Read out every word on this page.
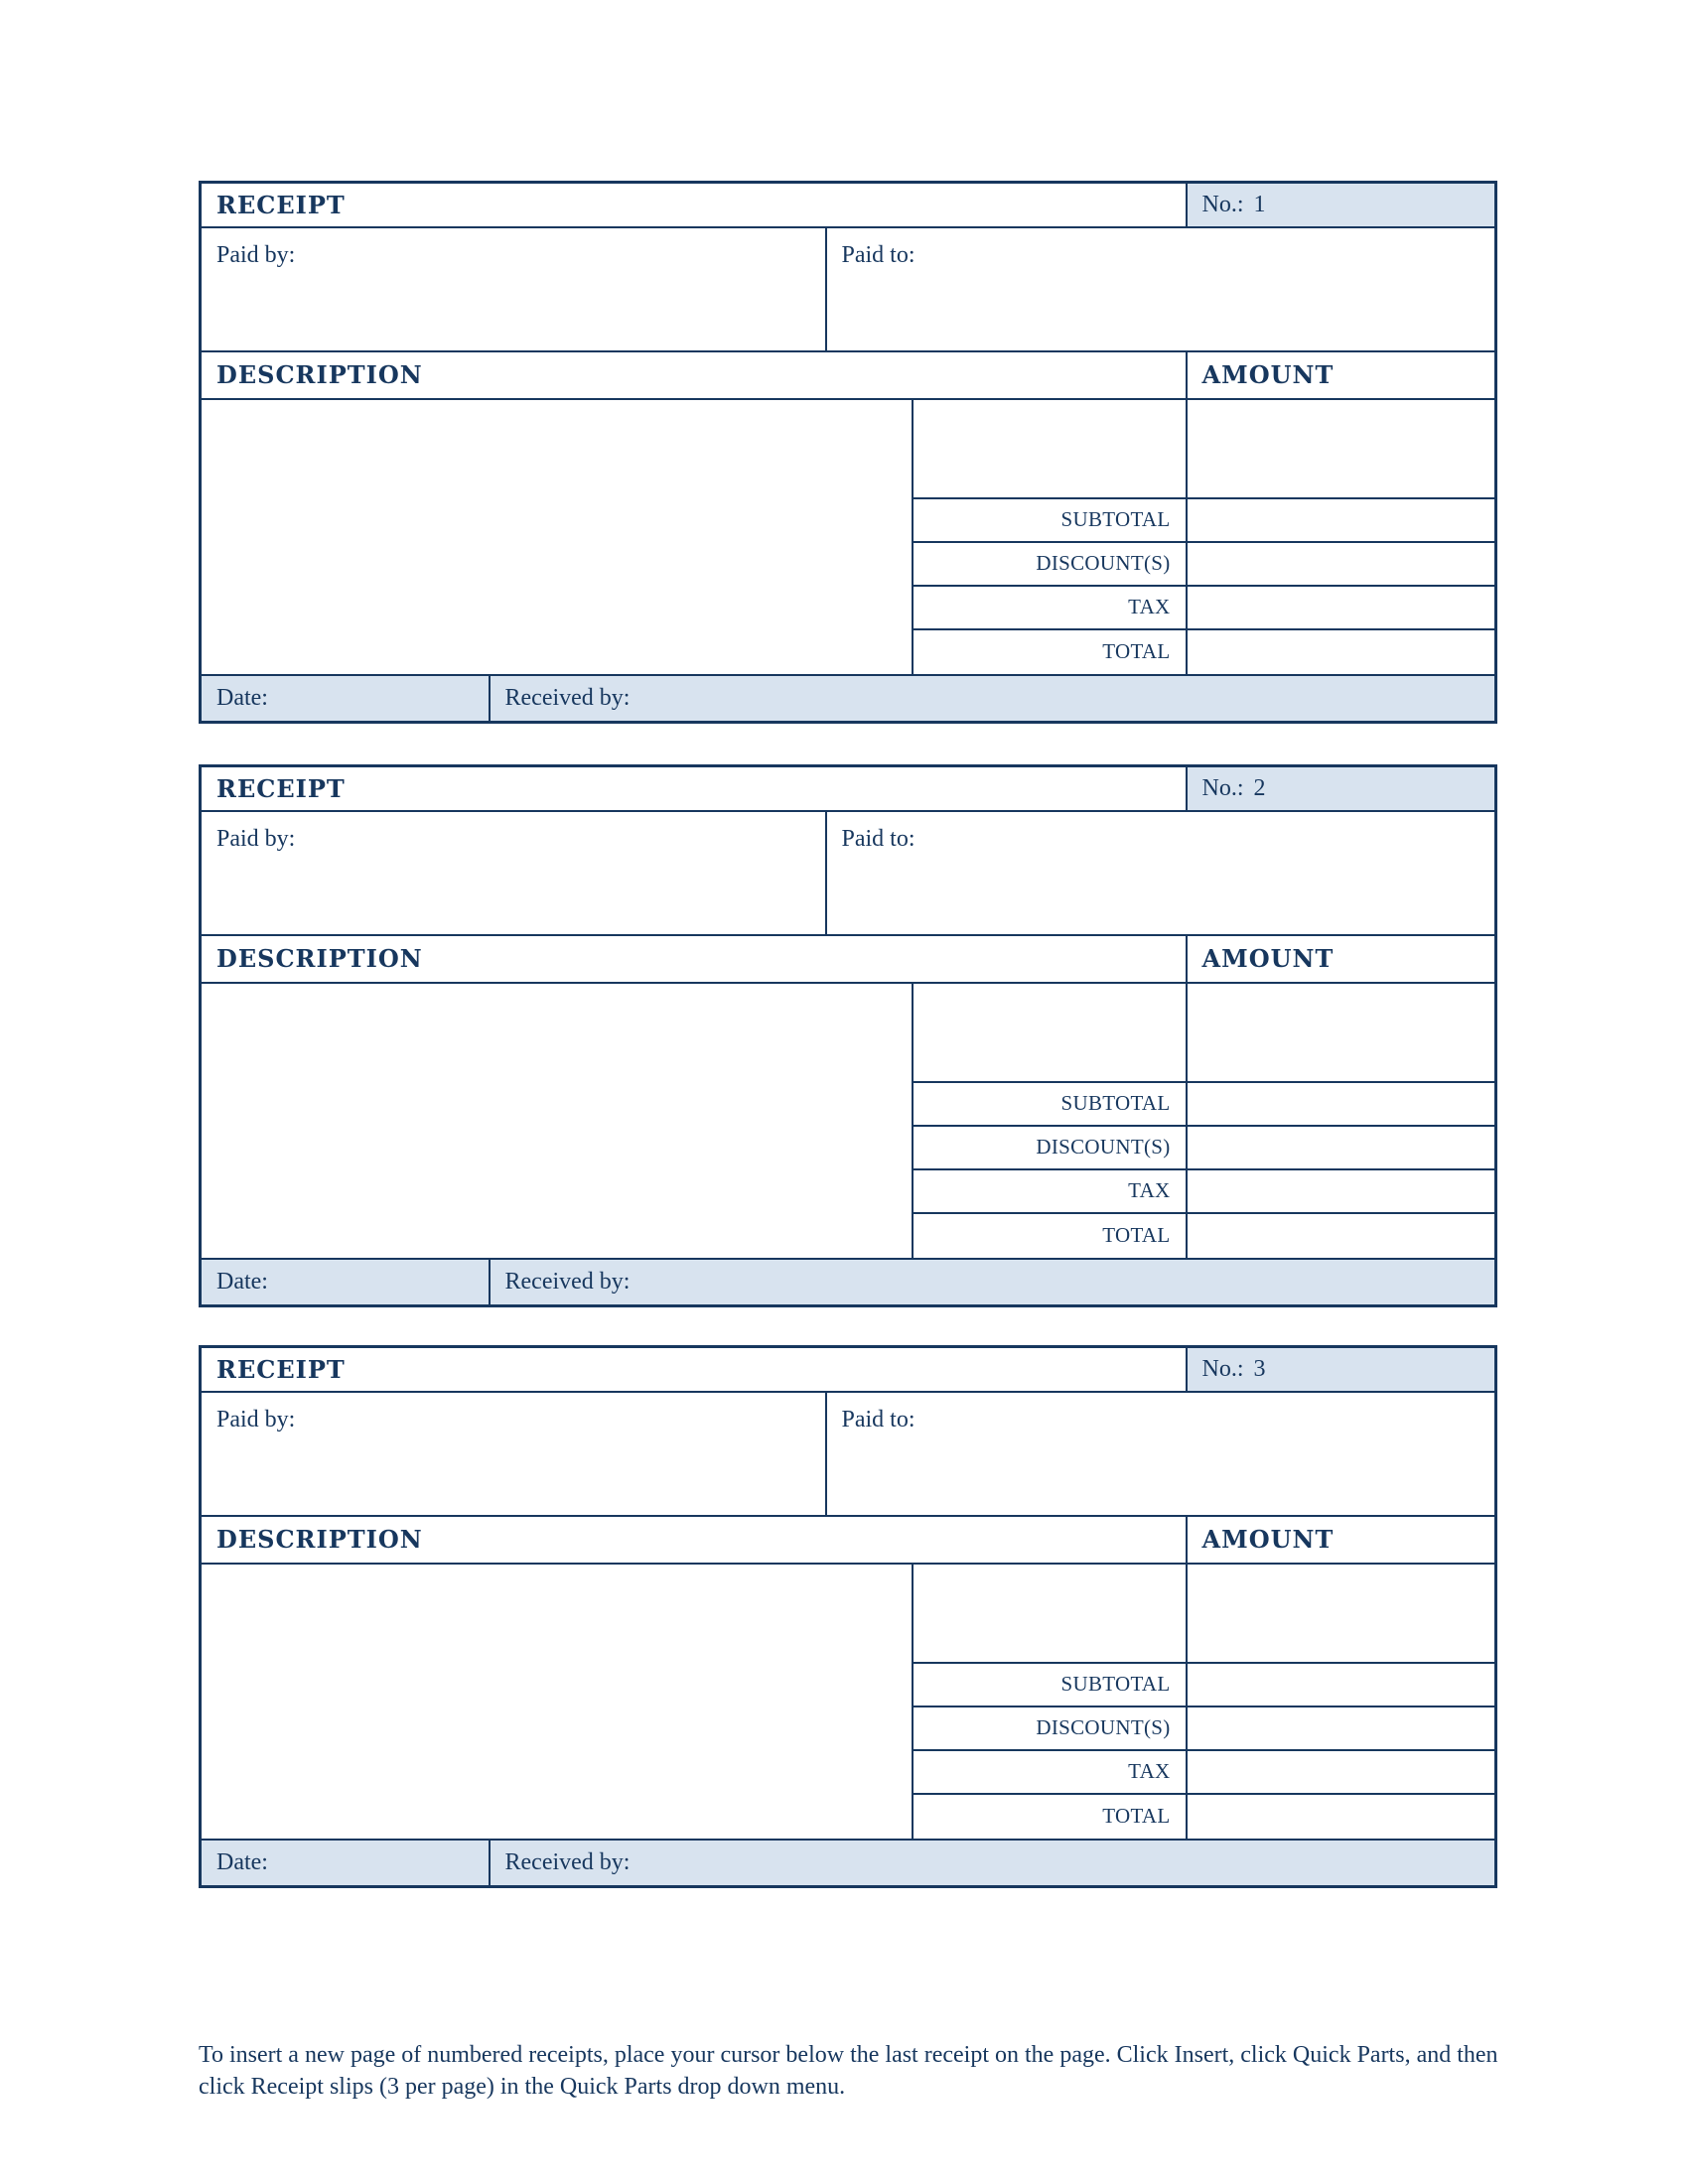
RECEIPT				No.: 1
Paid by:		Paid to:		
DESCRIPTION				AMOUNT

			SUBTOTAL	
			DISCOUNT(S)	
			TAX	
			TOTAL	
Date:	Received by:			
RECEIPT				No.: 2
Paid by:		Paid to:		
DESCRIPTION				AMOUNT

			SUBTOTAL	
			DISCOUNT(S)	
			TAX	
			TOTAL	
Date:	Received by:			
RECEIPT				No.: 3
Paid by:		Paid to:		
DESCRIPTION				AMOUNT

			SUBTOTAL	
			DISCOUNT(S)	
			TAX	
			TOTAL	
Date:	Received by:			

To insert a new page of numbered receipts, place your cursor below the last receipt on the page. Click Insert, click Quick Parts, and then click Receipt slips (3 per page) in the Quick Parts drop down menu.
